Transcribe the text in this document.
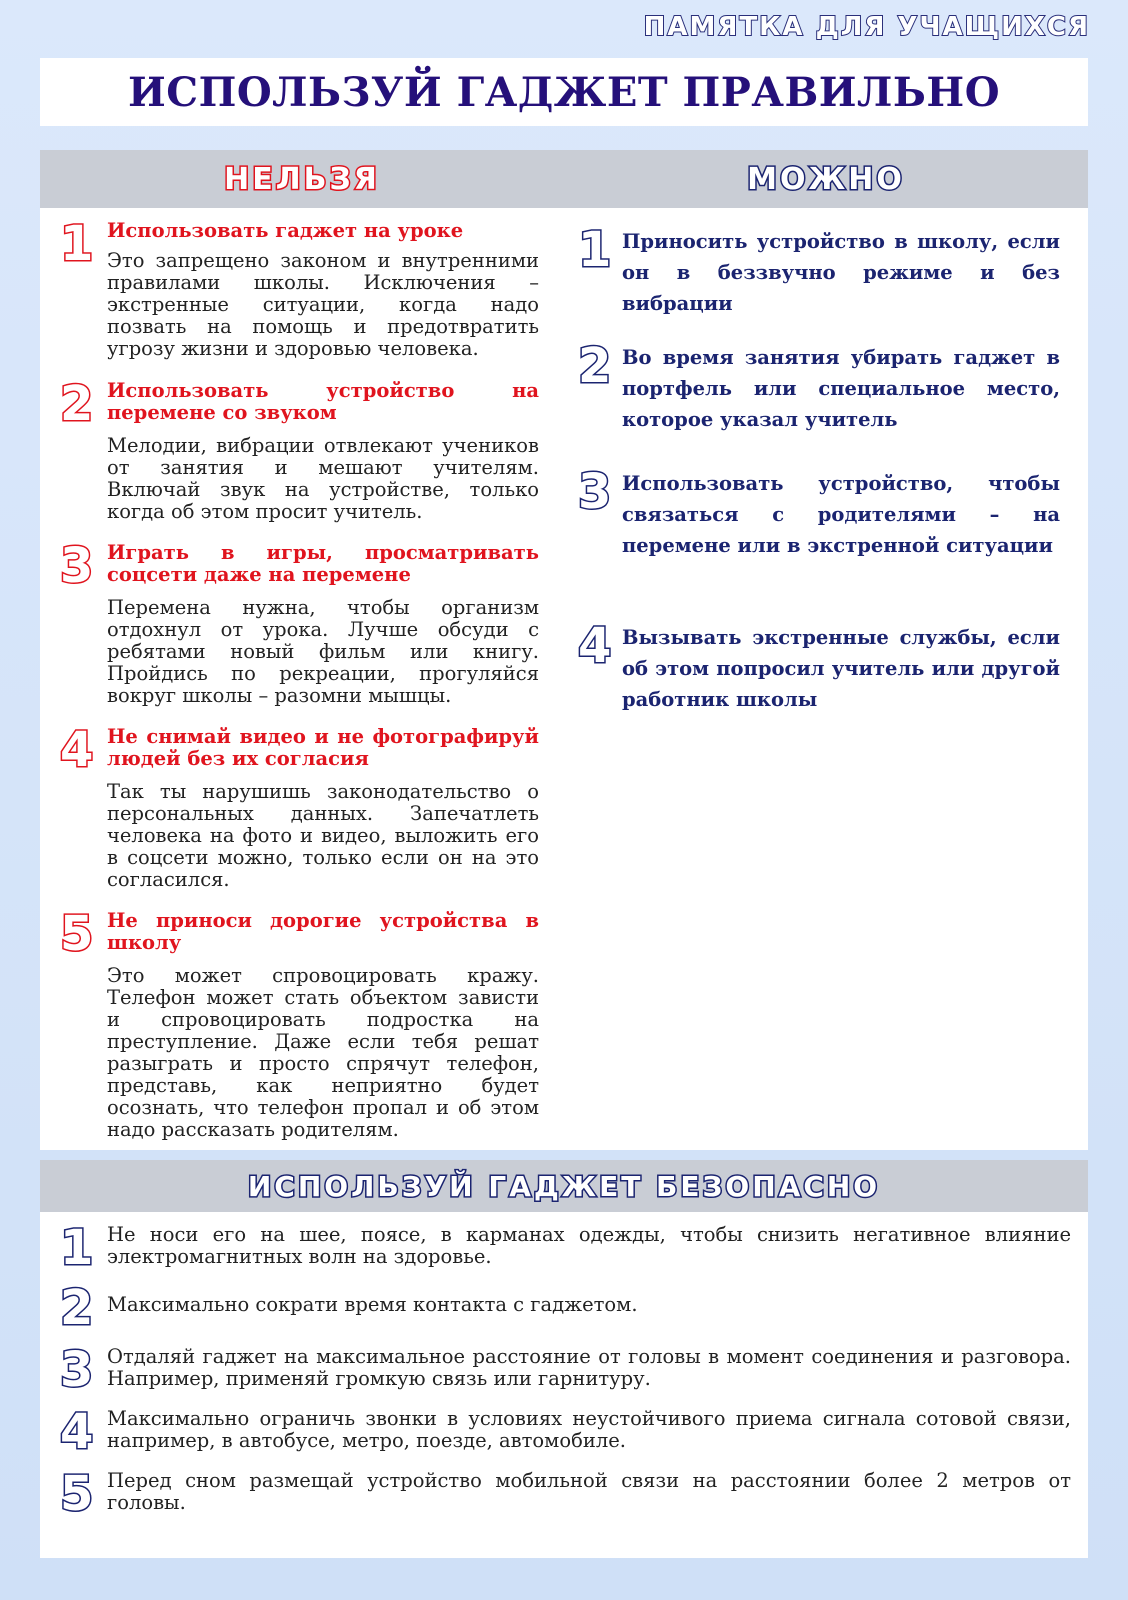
ПАМЯТКА ДЛЯ УЧАЩИХСЯ
ИСПОЛЬЗУЙ ГАДЖЕТ ПРАВИЛЬНО
НЕЛЬЗЯ	МОЖНО
1 Использовать гаджет на уроке
Это запрещено законом и внутренними правилами школы. Исключения – экстренные ситуации, когда надо позвать на помощь и предотвратить угрозу жизни и здоровью человека.
2 Использовать устройство на перемене со звуком
Мелодии, вибрации отвлекают учеников от занятия и мешают учителям. Включай звук на устройстве, только когда об этом просит учитель.
3 Играть в игры, просматривать соцсети даже на перемене
Перемена нужна, чтобы организм отдохнул от урока. Лучше обсуди с ребятами новый фильм или книгу. Пройдись по рекреации, прогуляйся вокруг школы – разомни мышцы.
4 Не снимай видео и не фотографируй людей без их согласия
Так ты нарушишь законодательство о персональных данных. Запечатлеть человека на фото и видео, выложить его в соцсети можно, только если он на это согласился.
5 Не приноси дорогие устройства в школу
Это может спровоцировать кражу. Телефон может стать объектом зависти и спровоцировать подростка на преступление. Даже если тебя решат разыграть и просто спрячут телефон, представь, как неприятно будет осознать, что телефон пропал и об этом надо рассказать родителям.
1 Приносить устройство в школу, если он в беззвучно режиме и без вибрации
2 Во время занятия убирать гаджет в портфель или специальное место, которое указал учитель
3 Использовать устройство, чтобы связаться с родителями – на перемене или в экстренной ситуации
4 Вызывать экстренные службы, если об этом попросил учитель или другой работник школы
ИСПОЛЬЗУЙ ГАДЖЕТ БЕЗОПАСНО
1 Не носи его на шее, поясе, в карманах одежды, чтобы снизить негативное влияние электромагнитных волн на здоровье.
2 Максимально сократи время контакта с гаджетом.
3 Отдаляй гаджет на максимальное расстояние от головы в момент соединения и разговора. Например, применяй громкую связь или гарнитуру.
4 Максимально ограничь звонки в условиях неустойчивого приема сигнала сотовой связи, например, в автобусе, метро, поезде, автомобиле.
5 Перед сном размещай устройство мобильной связи на расстоянии более 2 метров от головы.
